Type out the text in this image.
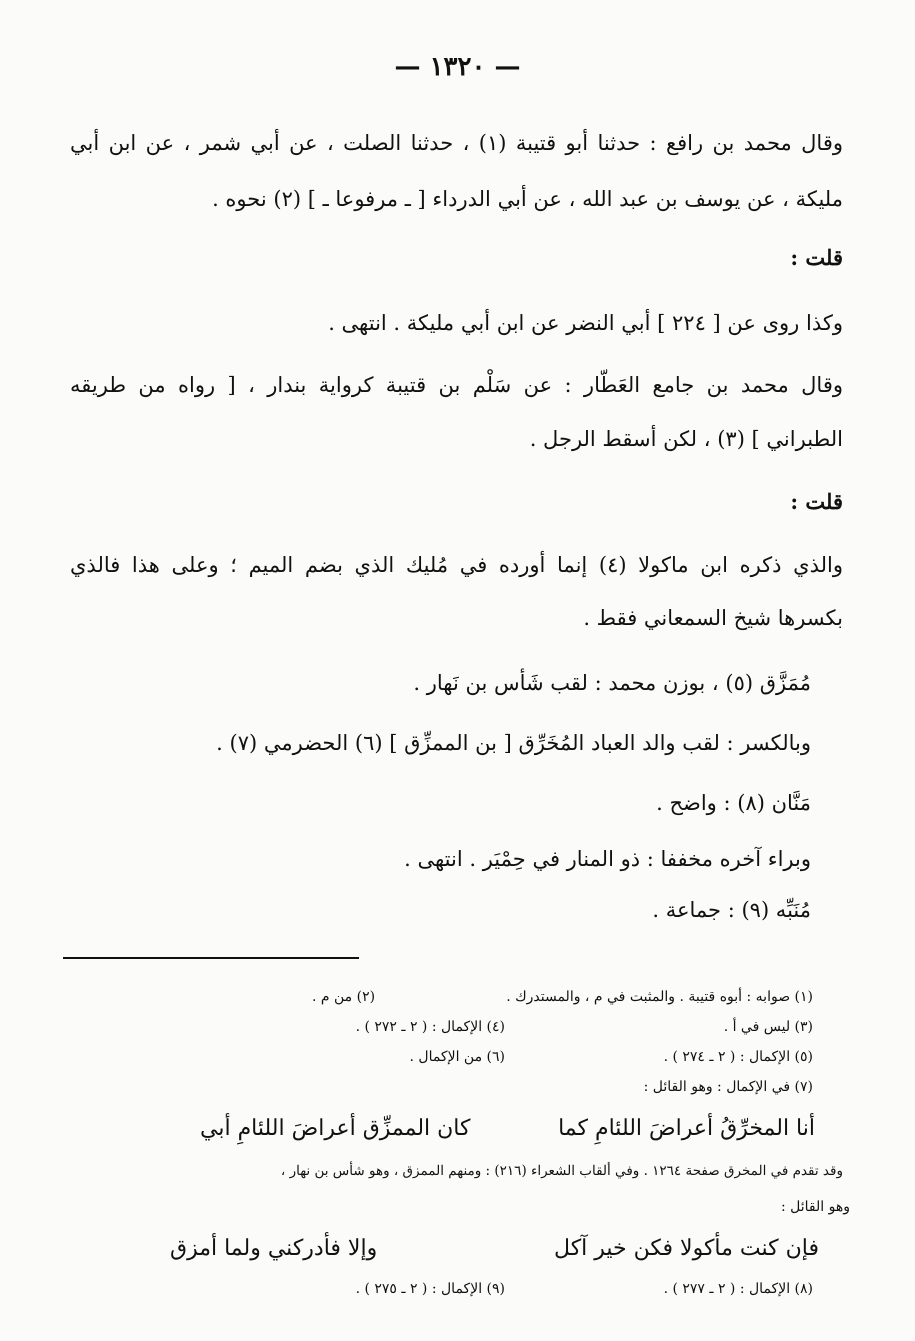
— ١٣٢٠ —
وقال محمد بن رافع : حدثنا أبو قتيبة (١) ، حدثنا الصلت ، عن أبي شمر ، عن ابن أبي
مليكة ، عن يوسف بن عبد الله ، عن أبي الدرداء [ ـ مرفوعا ـ ] (٢) نحوه .
قلت :
وكذا روى عن [ ٢٢٤ ] أبي النضر عن ابن أبي مليكة . انتهى .
وقال محمد بن جامع العَطّار : عن سَلْم بن قتيبة كرواية بندار ، [ رواه من طريقه
الطبراني ] (٣) ، لكن أسقط الرجل .
قلت :
والذي ذكره ابن ماكولا (٤) إنما أورده في مُليك الذي بضم الميم ؛ وعلى هذا فالذي
بكسرها شيخ السمعاني فقط .
مُمَزَّق (٥) ، بوزن محمد : لقب شَأس بن نَهار .
وبالكسر : لقب والد العباد المُخَرِّق [ بن الممزِّق ] (٦) الحضرمي (٧) .
مَنَّان (٨) : واضح .
وبراء آخره مخففا : ذو المنار في حِمْيَر . انتهى .
مُنَبِّه (٩) : جماعة .
(١) صوابه : أبوه قتيبة . والمثبت في م ، والمستدرك .
(٢) من م .
(٣) ليس في أ .
(٤) الإكمال : ( ٢ ـ ٢٧٢ ) .
(٥) الإكمال : ( ٢ ـ ٢٧٤ ) .
(٦) من الإكمال .
(٧) في الإكمال : وهو القائل :
أنا المخرِّقُ أعراضَ اللئامِ كما
كان الممزِّق أعراضَ اللئامِ أبي
وقد تقدم في المخرق صفحة ١٢٦٤ . وفي ألقاب الشعراء (٢١٦) : ومنهم الممزق ، وهو شأس بن نهار ،
وهو القائل :
فإن كنت مأكولا فكن خير آكل
وإلا فأدركني ولما أمزق
(٨) الإكمال : ( ٢ ـ ٢٧٧ ) .
(٩) الإكمال : ( ٢ ـ ٢٧٥ ) .
